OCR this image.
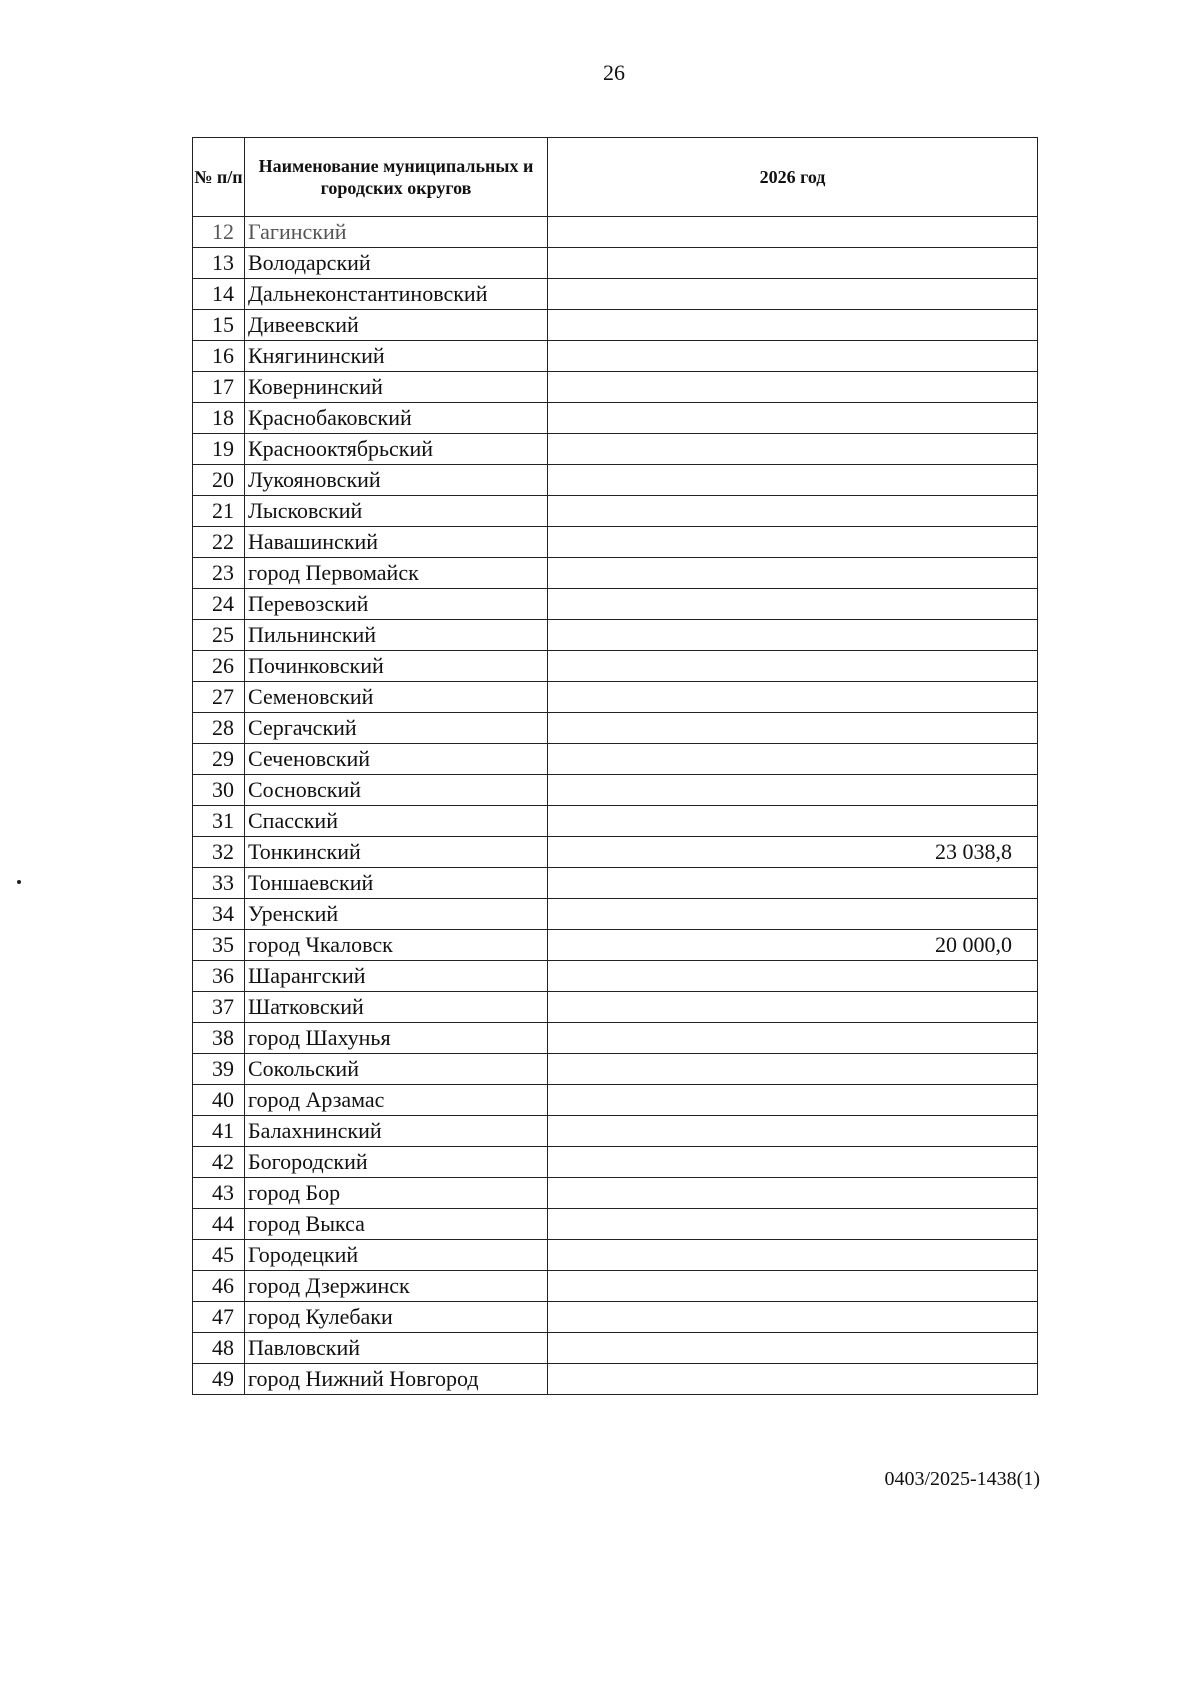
26
№ п/п	Наименование муниципальных и городских округов	2026 год
12	Гагинский	
13	Володарский	
14	Дальнеконстантиновский	
15	Дивеевский	
16	Княгининский	
17	Ковернинский	
18	Краснобаковский	
19	Краснооктябрьский	
20	Лукояновский	
21	Лысковский	
22	Навашинский	
23	город Первомайск	
24	Перевозский	
25	Пильнинский	
26	Починковский	
27	Семеновский	
28	Сергачский	
29	Сеченовский	
30	Сосновский	
31	Спасский	
32	Тонкинский	23 038,8
33	Тоншаевский	
34	Уренский	
35	город Чкаловск	20 000,0
36	Шарангский	
37	Шатковский	
38	город Шахунья	
39	Сокольский	
40	город Арзамас	
41	Балахнинский	
42	Богородский	
43	город Бор	
44	город Выкса	
45	Городецкий	
46	город Дзержинск	
47	город Кулебаки	
48	Павловский	
49	город Нижний Новгород	
0403/2025-1438(1)
